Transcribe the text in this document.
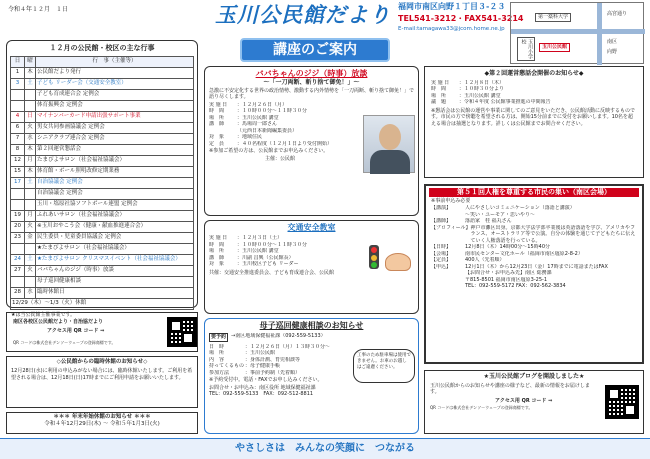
令和４年１２月　１日	玉川公民館だより 福岡市南区向野１丁目３-２３
TEL541-3212・FAX541-3214
E-mail:tamagawa33@jcom.home.ne.jp
第一薬科大学
玉川小学校
玉川公民館
南区
向野
高宮通り
１２月の公民館・校区の主な行事
日	曜	行　事（主催等）
1	木	公民館だより発行
3	土	子ども リーダー会（交通安全教室）
		子ども育成連合会 定例会
		体育振興会 定例会
4	日	マイナンバーカード申請出張サポート事業
6	火	男女共同参画協議会 定例会
7	水	シニアクラブ連合会 定例会
8	木	第２回運営懇話会
12	月	たまぴよサロン（社会福祉協議会）
15	木	体育館・ボール照明改修定期業務
17	土	自治協議会 定例会
		自治協議会 定例会
		玉川・塩原社協ソフトボール連盟 定例会
19	月	ふれあいサロン（社会福祉協議会）
20	火	※玉川おやこう会（健康・献血推進連合会）
23	金	民生委員・児童委員協議会 定例会
		★たまぴよサロン（社会福祉協議会）
24	土	★たまぴよサロン クリスマスイベント（社会福祉協議会）
27	火	ババちゃんのジジ（時事）放談
		母子巡回健康相談
28	水	臨時休館日
12/29（木）～1/3（火）休館		
★は当公民館主催事業です。
南区各校区公民館だより・自治協だより
アクセス用 QR コード ⇒
QR コードは株式会社デンソーウェーブの登録商標です。
◇公民館からの臨時休館のお知らせ◇
12月28日(水)に利用の申込みがない場合には、臨時休館いたします。ご利用を希望される場合は、12月18日(日)17時までにご利用申請をお願いいたします。
＊＊＊ 年末年始休館のお知らせ ＊＊＊
令和４年12月29日(木) ～ 令和５年1月3日(火)
講座のご案内
ババちゃんのジジ（時事）放談
～「一刀両断、斬り捨て御免！」～
急激に不安定化する世界の政治情勢、激動する内外情勢を「一刀両断、斬り捨て御免！」で語り尽くします。
実 施 日	：１２月２６日（月）
時　間	：１０時００分～１１時３０分
場　所	：玉川公民館 講堂
講　師	：馬場周一郎さん
（元西日本新聞編集委員）
対　象	：地域住民
定　員	：４０名程度（１２月１日より受付開始）
※参加ご希望の方は、公民館までお申込みください。
主催：公民館
交通安全教室
実 施 日	：１２月３日（土）
時　間	：１０時００分～１１時３０分
場　所	：玉川公民館 講堂
講　師	：川副 昌興（公民館長）
対　象	：玉川校区子ども リーダー
共催：交通安全推進委員会、子ども育成連合会、公民館
母子巡回健康相談のお知らせ
要予約	→南区地域保健福祉課（092-559-5133）
日　時	：１２月２６日（月）１３時３０分～
場　所	：玉川公民館
内　容	：身体計測、育児相談等
持ってくるもの ：母子健康手帳
参加方法	：事前予約制（先着順）
※予約受付中。電話・FAXでお申し込みください。
お問合せ・お申込み：南区役所 地域保健福祉課
TEL：092-559-5133　FAX：092-512-8811
工事のため駐車場は使用できません。お車のお越しはご遠慮ください。
◆第２回運営懇話会開催のお知らせ◆
実 施 日	：１２月８日（木）
時　間	：１０時３０分より
場　所	：玉川公民館 講堂
議　題	：令和４年度 公民館事業推進の中間報告
※懇話会は公民館の運営や事業に関してのご意見をいただき、公民館活動に反映するものです。市民の方で傍聴を希望される方は、開始15分前までに受付をお願いします。10名を超える場合は抽選となります。詳しくは公民館までお問合せください。
第５１回人権を尊重する市民の集い（南区会場）
※事前申込み必要
【講演】	人にやさしいコミュニケーション（落語と講演）
～笑い・ユーモア・思いやり～
【講師】	落語家　桂 福丸さん
【プロフィール】 神戸市灘区出身。京都大学法学部卒業後は英語落語を学び、アメリカやフランス、オーストラリア等で公演。自分の体験を通じて子どもたちに伝えていく人権落語を行っている。
【日時】	12月8日（木）14時00分～15時40分
【会場】	南市民センター文化ホール（福岡市南区塩原2-8-2）
【定員】	400人（先着順）
【申込】	12月1日（木）から12月23日（金）17時までに電話またはFAX
【お問合せ・お申込み先】南区 総務課
〒815-8501 福岡市南区塩原3-25-1
TEL：092-559-5172 FAX：092-562-3834
★玉川公民館ブログを開設しました★
玉川公民館からのお知らせや講座の様子など、最新の情報をお届けします。
アクセス用 QR コード ⇒
QR コードは株式会社デンソーウェーブの登録商標です。
やさしさは　みんなの笑顔に　つながる
